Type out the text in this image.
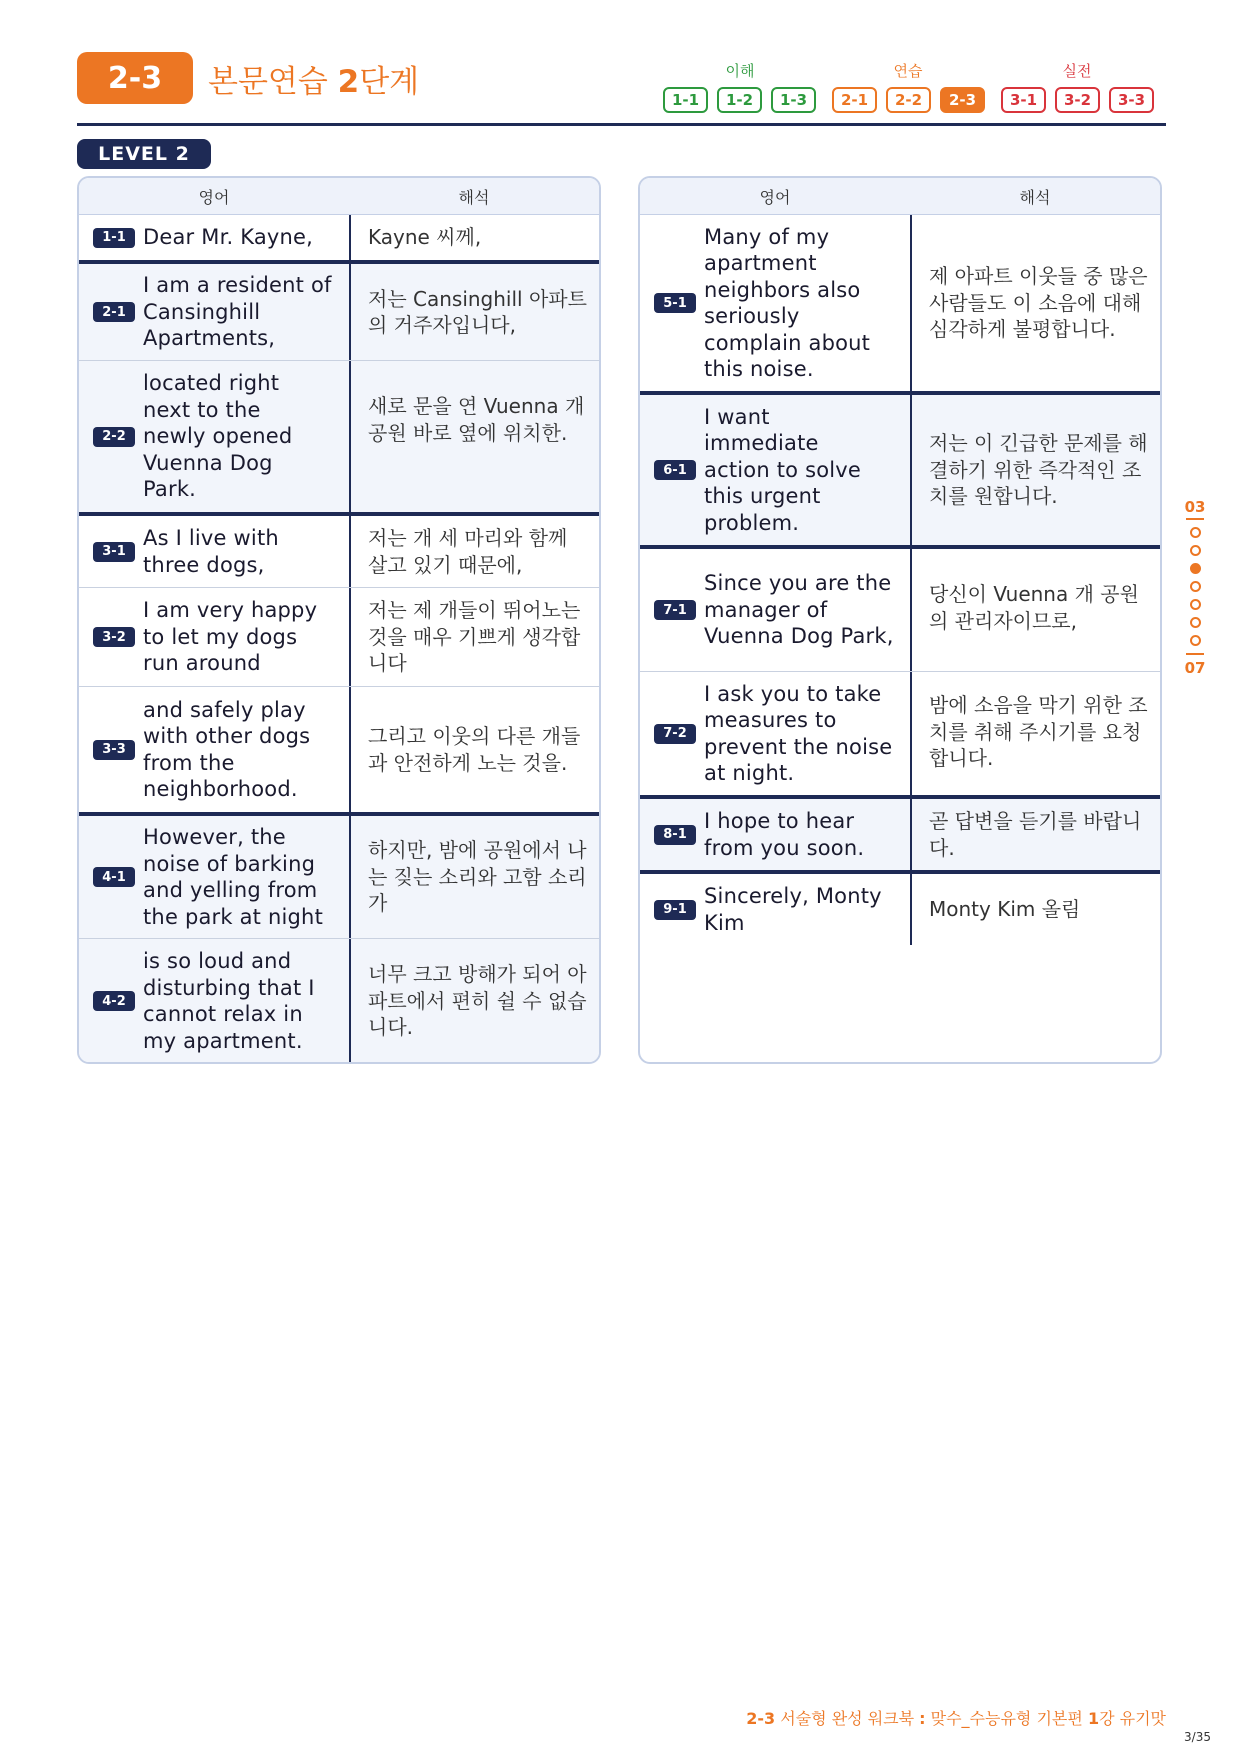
2-3	본문연습 2단계	이해	연습	실전
1-1	1-2	1-3	2-1	2-2	2-3	3-1	3-2	3-3
LEVEL 2
영어	해석
1-1 Dear Mr. Kayne,	Kayne 씨께,
2-1
I am a resident of Cansinghill Apartments,
저는 Cansinghill 아파트의 거주자입니다,
2-2
located right next to the newly opened Vuenna Dog Park.
새로 문을 연 Vuenna 개 공원 바로 옆에 위치한.
3-1
As I live with three dogs,
저는 개 세 마리와 함께 살고 있기 때문에,
3-2
I am very happy to let my dogs run around
저는 제 개들이 뛰어노는 것을 매우 기쁘게 생각합니다
3-3
and safely play with other dogs from the neighborhood.
그리고 이웃의 다른 개들과 안전하게 노는 것을.
4-1
However, the noise of barking and yelling from the park at night
하지만, 밤에 공원에서 나는 짖는 소리와 고함 소리가
4-2
is so loud and disturbing that I cannot relax in my apartment.
너무 크고 방해가 되어 아파트에서 편히 쉴 수 없습니다.
영어	해석
5-1
Many of my apartment neighbors also seriously complain about this noise.
제 아파트 이웃들 중 많은 사람들도 이 소음에 대해 심각하게 불평합니다.
6-1
I want immediate action to solve this urgent problem.
저는 이 긴급한 문제를 해결하기 위한 즉각적인 조치를 원합니다.
7-1
Since you are the manager of Vuenna Dog Park,
당신이 Vuenna 개 공원의 관리자이므로,
7-2
I ask you to take measures to prevent the noise at night.
밤에 소음을 막기 위한 조치를 취해 주시기를 요청합니다.
8-1
I hope to hear from you soon.
곧 답변을 듣기를 바랍니다.
9-1
Sincerely, Monty Kim
Monty Kim 올림
03
07
2-3 서술형 완성 워크북 : 맞수_수능유형 기본편 1강 유기맛
3/35
